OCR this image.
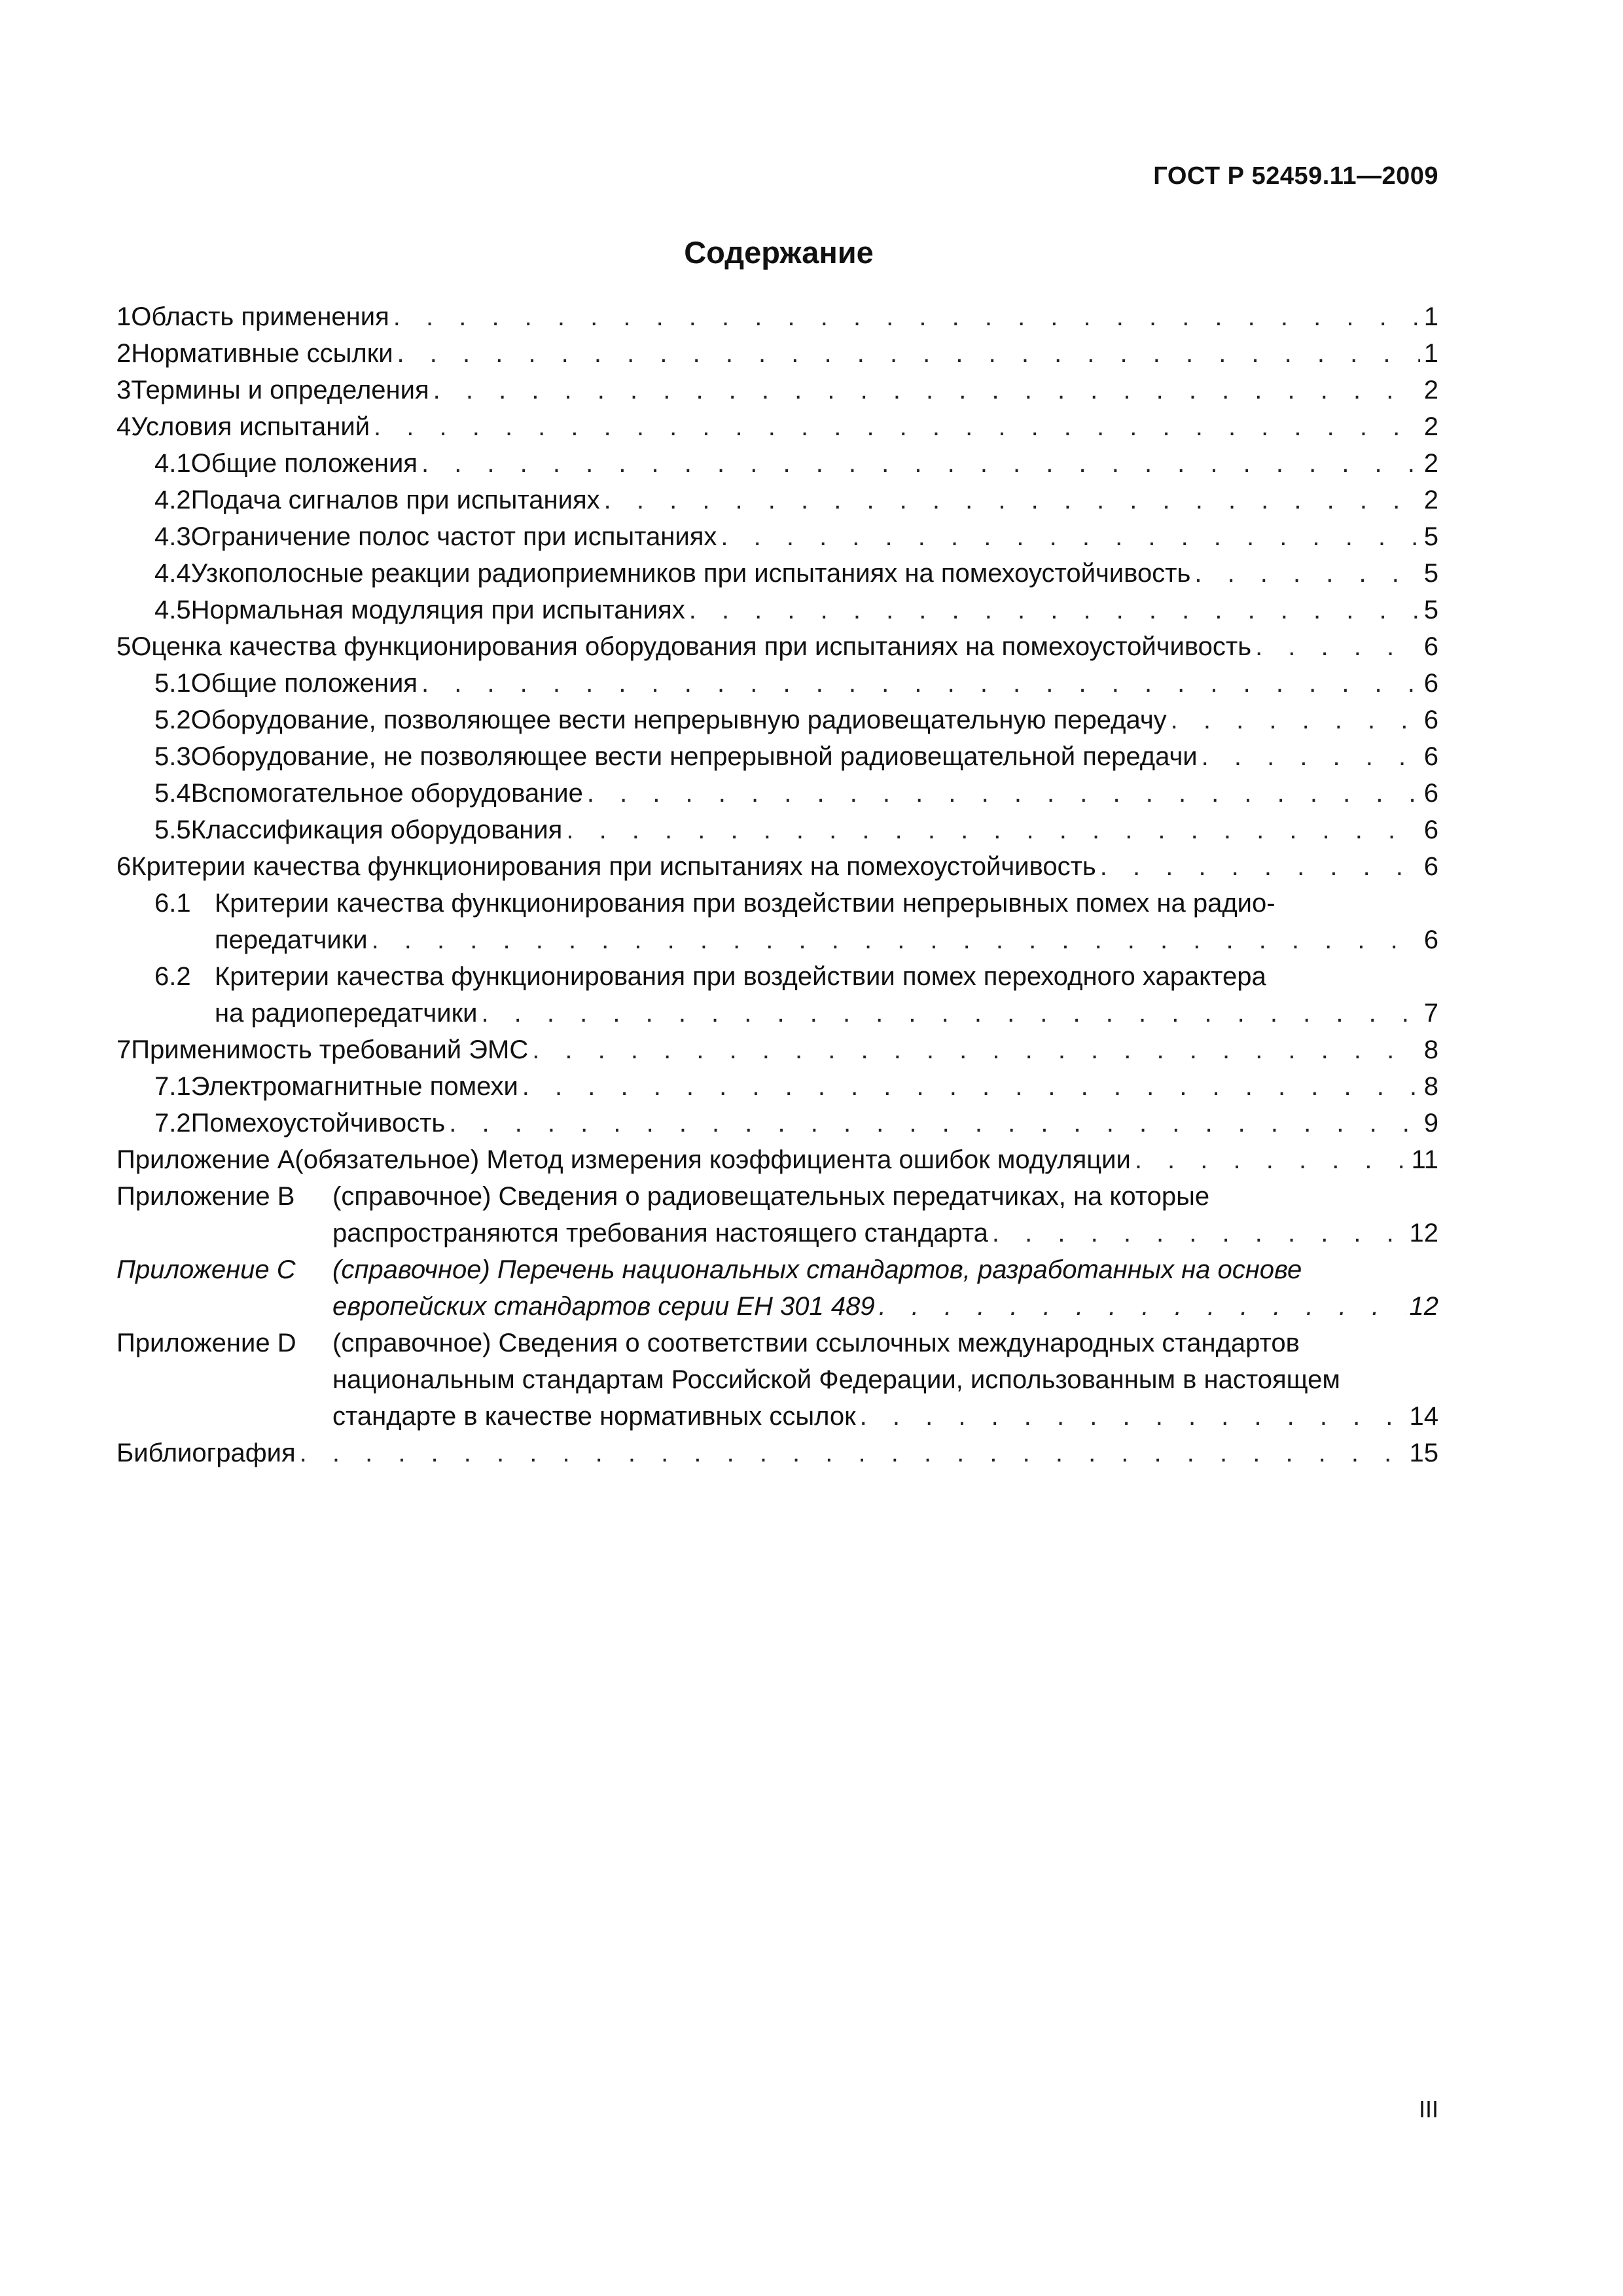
ГОСТ Р 52459.11—2009
Содержание
1 Область применения . . .	1
2 Нормативные ссылки . . .	1
3 Термины и определения . . .	2
4 Условия испытаний . . .	2
4.1 Общие положения . . .	2
4.2 Подача сигналов при испытаниях . . .	2
4.3 Ограничение полос частот при испытаниях . . .	5
4.4 Узкополосные реакции радиоприемников при испытаниях на помехоустойчивость . . .	5
4.5 Нормальная модуляция при испытаниях . . .	5
5 Оценка качества функционирования оборудования при испытаниях на помехоустойчивость . . .	6
5.1 Общие положения . . .	6
5.2 Оборудование, позволяющее вести непрерывную радиовещательную передачу . . .	6
5.3 Оборудование, не позволяющее вести непрерывной радиовещательной передачи . . .	6
5.4 Вспомогательное оборудование . . .	6
5.5 Классификация оборудования . . .	6
6 Критерии качества функционирования при испытаниях на помехоустойчивость . . .	6
6.1 Критерии качества функционирования при воздействии непрерывных помех на радио-
передатчики . . .	6
6.2 Критерии качества функционирования при воздействии помех переходного характера
на радиопередатчики . . .	7
7 Применимость требований ЭМС . . .	8
7.1 Электромагнитные помехи . . .	8
7.2 Помехоустойчивость . . .	9
Приложение А (обязательное) Метод измерения коэффициента ошибок модуляции . . .	11
Приложение В (справочное) Сведения о радиовещательных передатчиках, на которые
распространяются требования настоящего стандарта . . .	12
Приложение С (справочное) Перечень национальных стандартов, разработанных на основе
европейских стандартов серии ЕН 301 489 . . .	12
Приложение D (справочное) Сведения о соответствии ссылочных международных стандартов
национальным стандартам Российской Федерации, использованным в настоящем
стандарте в качестве нормативных ссылок . . .	14
Библиография . . .	15
III
